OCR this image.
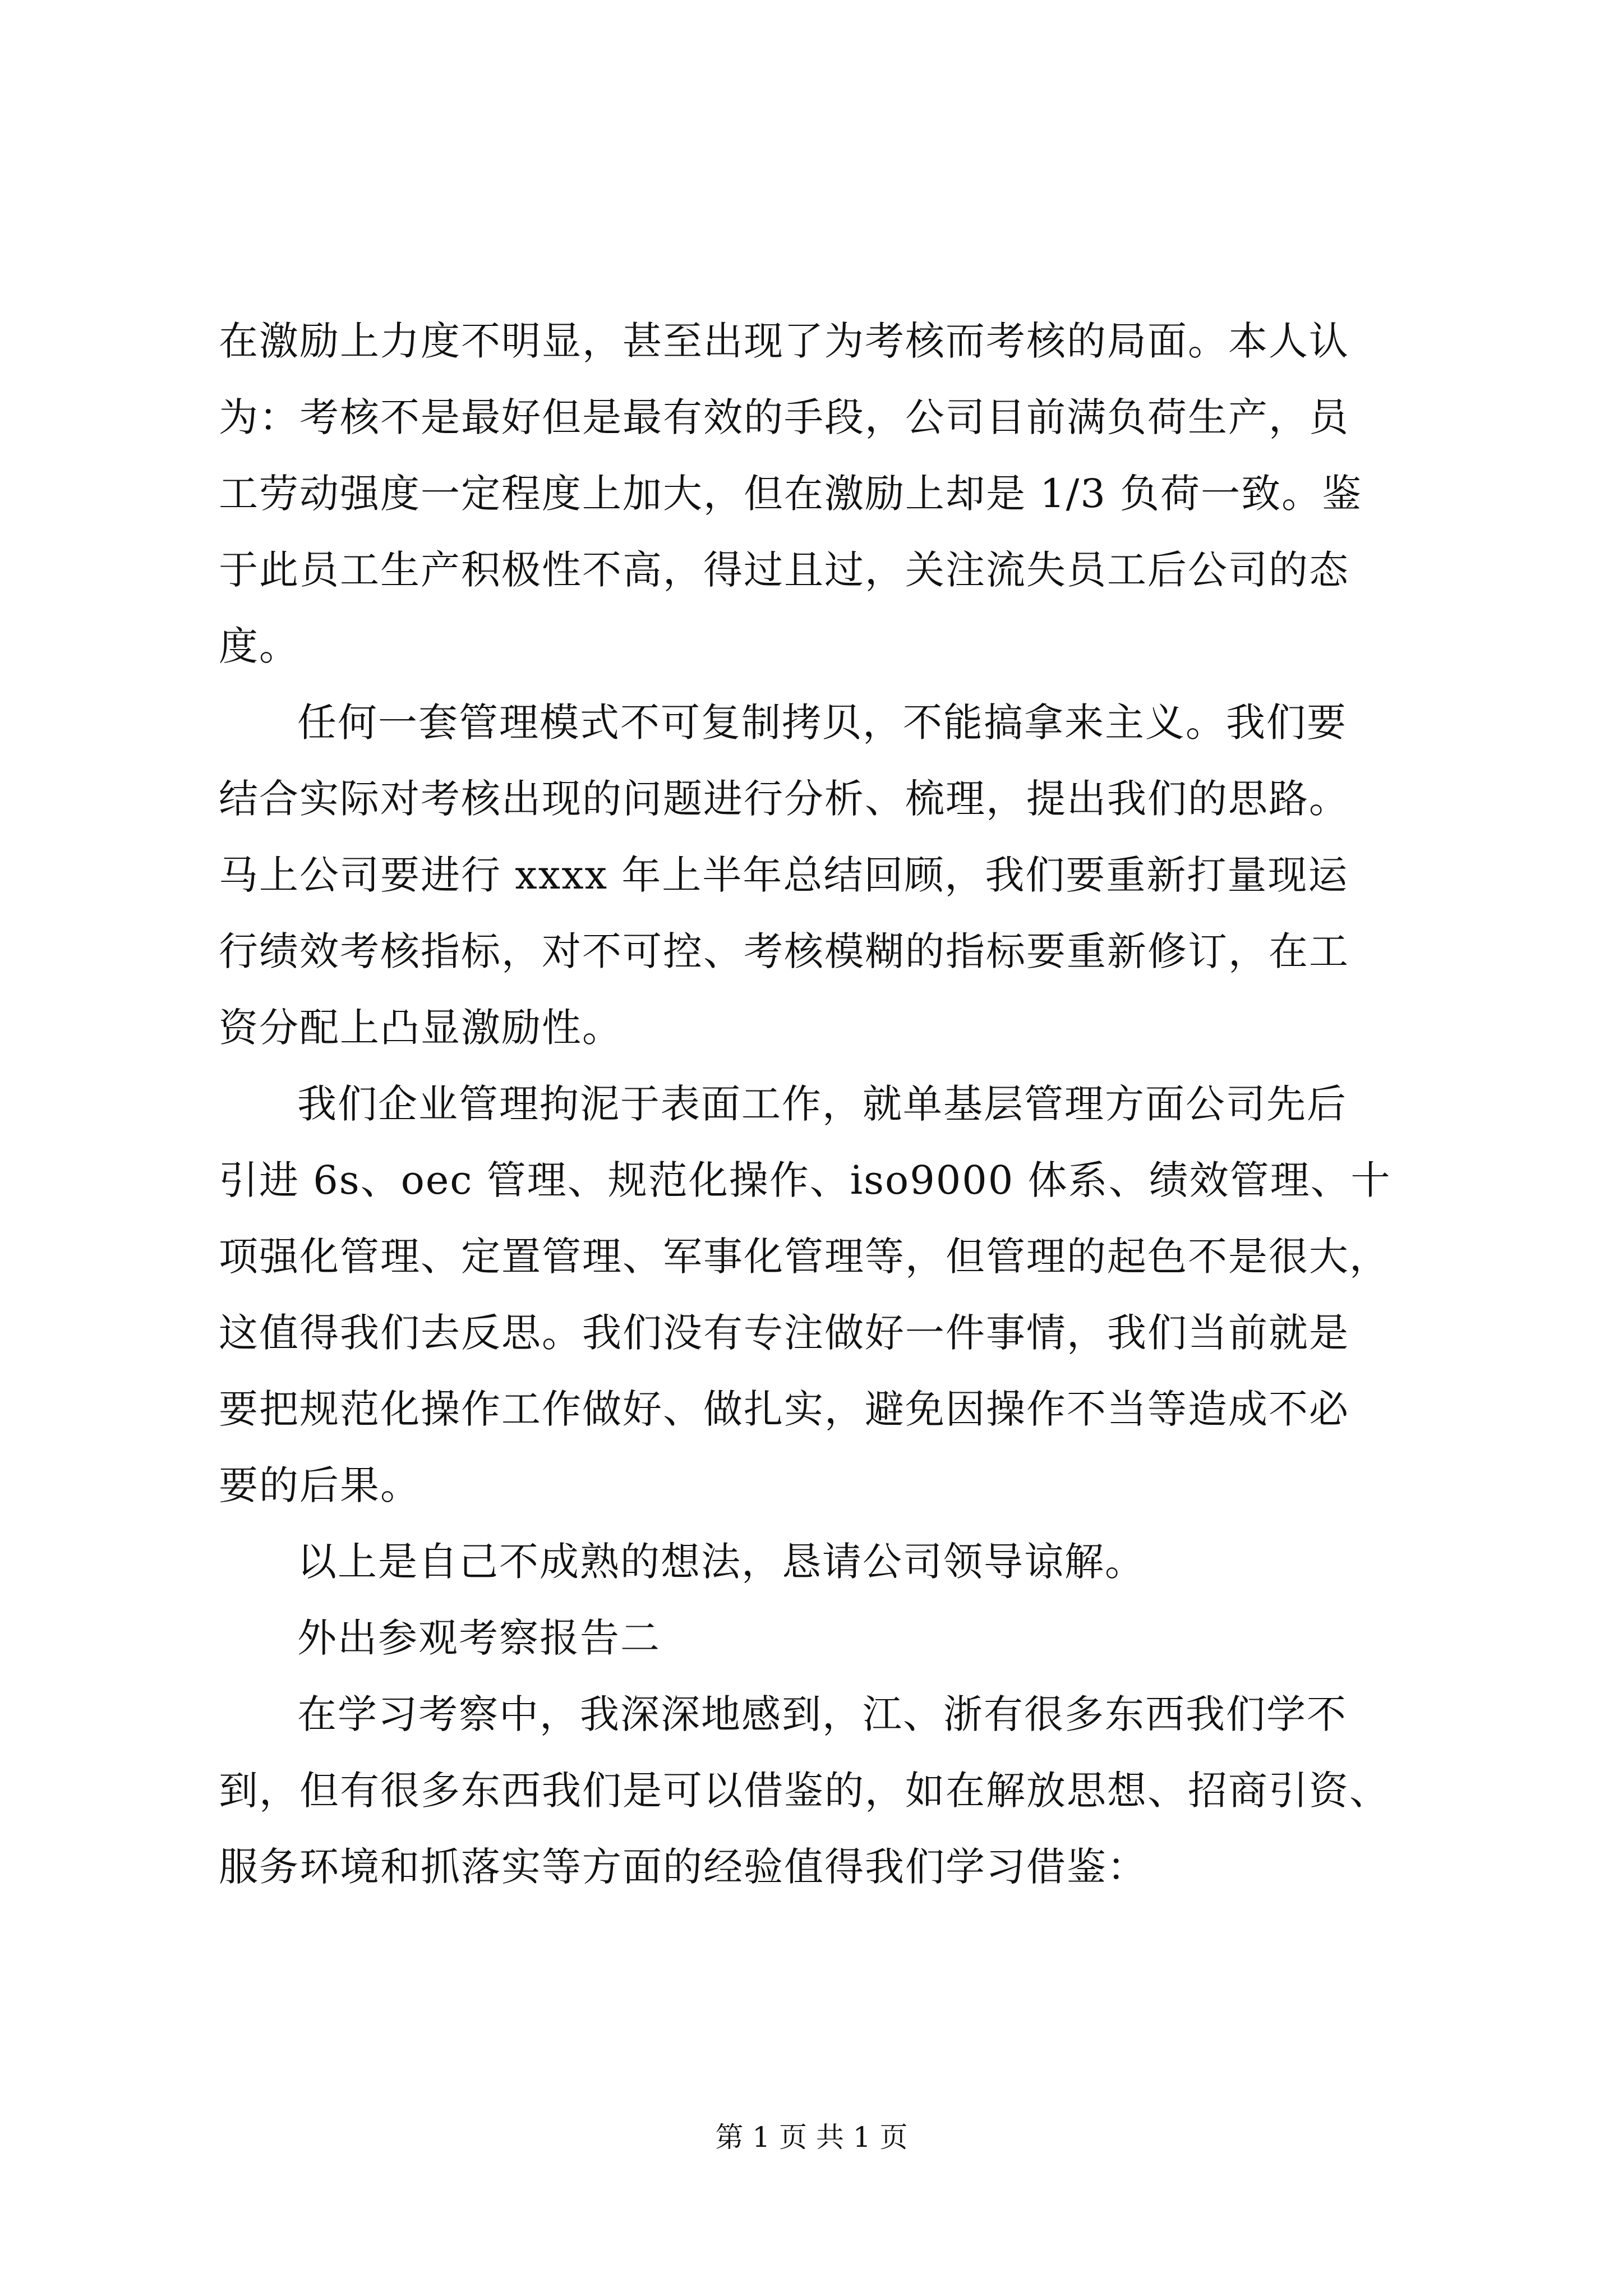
在激励上力度不明显，甚至出现了为考核而考核的局面。本人认
为：考核不是最好但是最有效的手段，公司目前满负荷生产，员
工劳动强度一定程度上加大，但在激励上却是 1/3 负荷一致。鉴
于此员工生产积极性不高，得过且过，关注流失员工后公司的态
度。
任何一套管理模式不可复制拷贝，不能搞拿来主义。我们要
结合实际对考核出现的问题进行分析、梳理，提出我们的思路。
马上公司要进行 xxxx 年上半年总结回顾，我们要重新打量现运
行绩效考核指标，对不可控、考核模糊的指标要重新修订，在工
资分配上凸显激励性。
我们企业管理拘泥于表面工作，就单基层管理方面公司先后
引进 6s、oec 管理、规范化操作、iso9000 体系、绩效管理、十
项强化管理、定置管理、军事化管理等，但管理的起色不是很大，
这值得我们去反思。我们没有专注做好一件事情，我们当前就是
要把规范化操作工作做好、做扎实，避免因操作不当等造成不必
要的后果。
以上是自己不成熟的想法，恳请公司领导谅解。
外出参观考察报告二
在学习考察中，我深深地感到，江、浙有很多东西我们学不
到，但有很多东西我们是可以借鉴的，如在解放思想、招商引资、
服务环境和抓落实等方面的经验值得我们学习借鉴：
第 1 页 共 1 页
